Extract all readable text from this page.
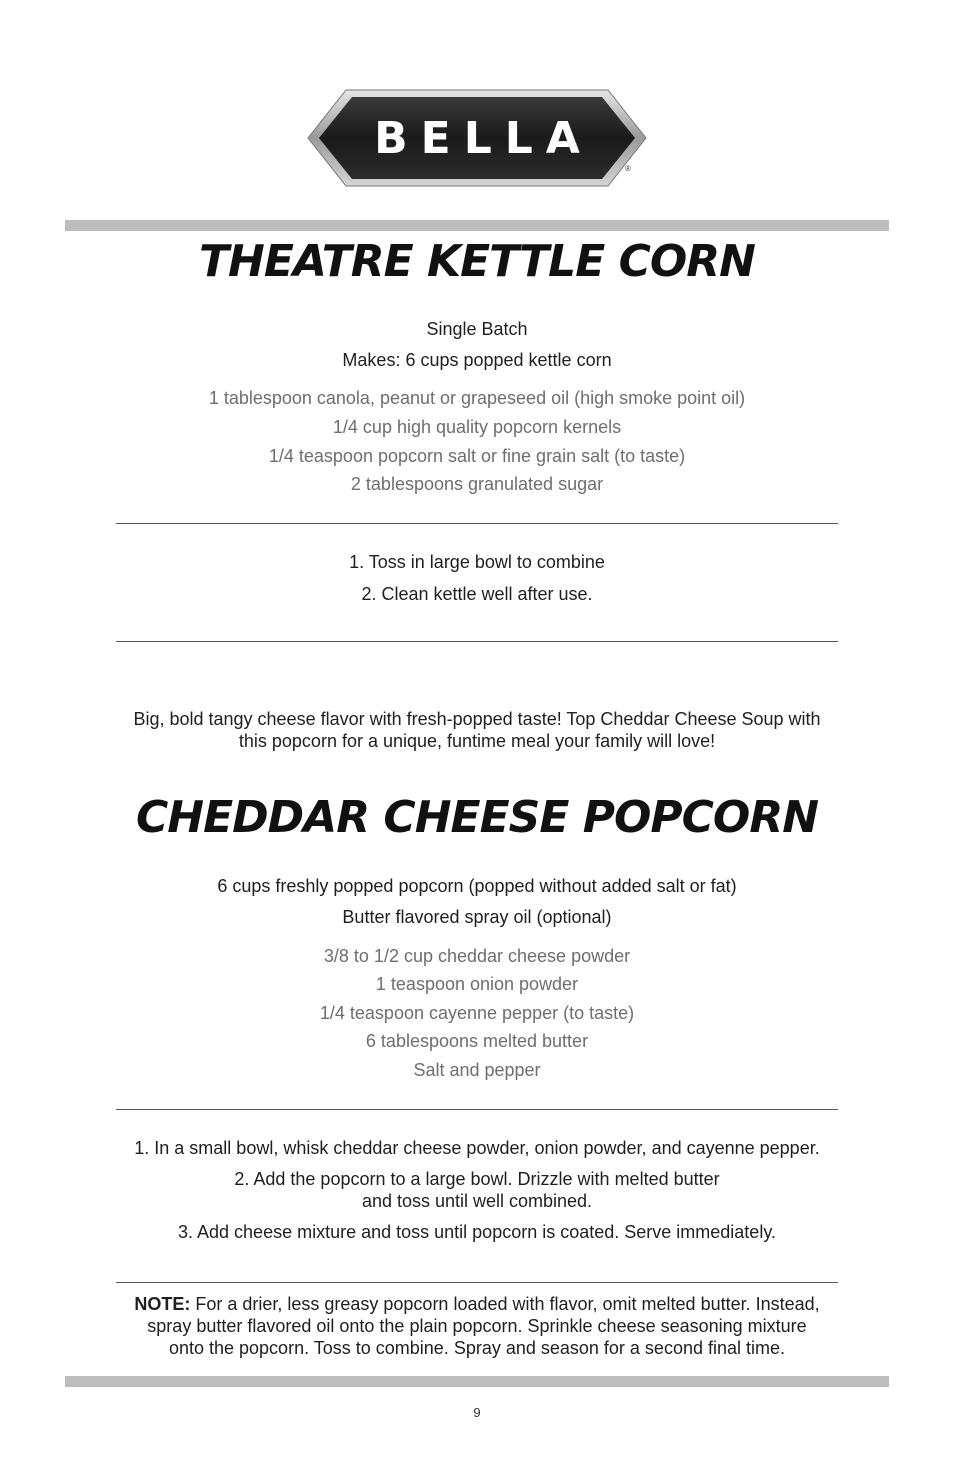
BELLA
®
THEATRE KETTLE CORN
Single Batch
Makes: 6 cups popped kettle corn
1 tablespoon canola, peanut or grapeseed oil (high smoke point oil)
1/4 cup high quality popcorn kernels
1/4 teaspoon popcorn salt or fine grain salt (to taste)
2 tablespoons granulated sugar
1. Toss in large bowl to combine
2. Clean kettle well after use.
Big, bold tangy cheese flavor with fresh-popped taste! Top Cheddar Cheese Soup with
this popcorn for a unique, funtime meal your family will love!
CHEDDAR CHEESE POPCORN
6 cups freshly popped popcorn (popped without added salt or fat)
Butter flavored spray oil (optional)
3/8 to 1/2 cup cheddar cheese powder
1 teaspoon onion powder
1/4 teaspoon cayenne pepper (to taste)
6 tablespoons melted butter
Salt and pepper
1. In a small bowl, whisk cheddar cheese powder, onion powder, and cayenne pepper.
2. Add the popcorn to a large bowl. Drizzle with melted butter
and toss until well combined.
3. Add cheese mixture and toss until popcorn is coated. Serve immediately.
NOTE: For a drier, less greasy popcorn loaded with flavor, omit melted butter. Instead,
spray butter flavored oil onto the plain popcorn. Sprinkle cheese seasoning mixture
onto the popcorn. Toss to combine. Spray and season for a second final time.
9
